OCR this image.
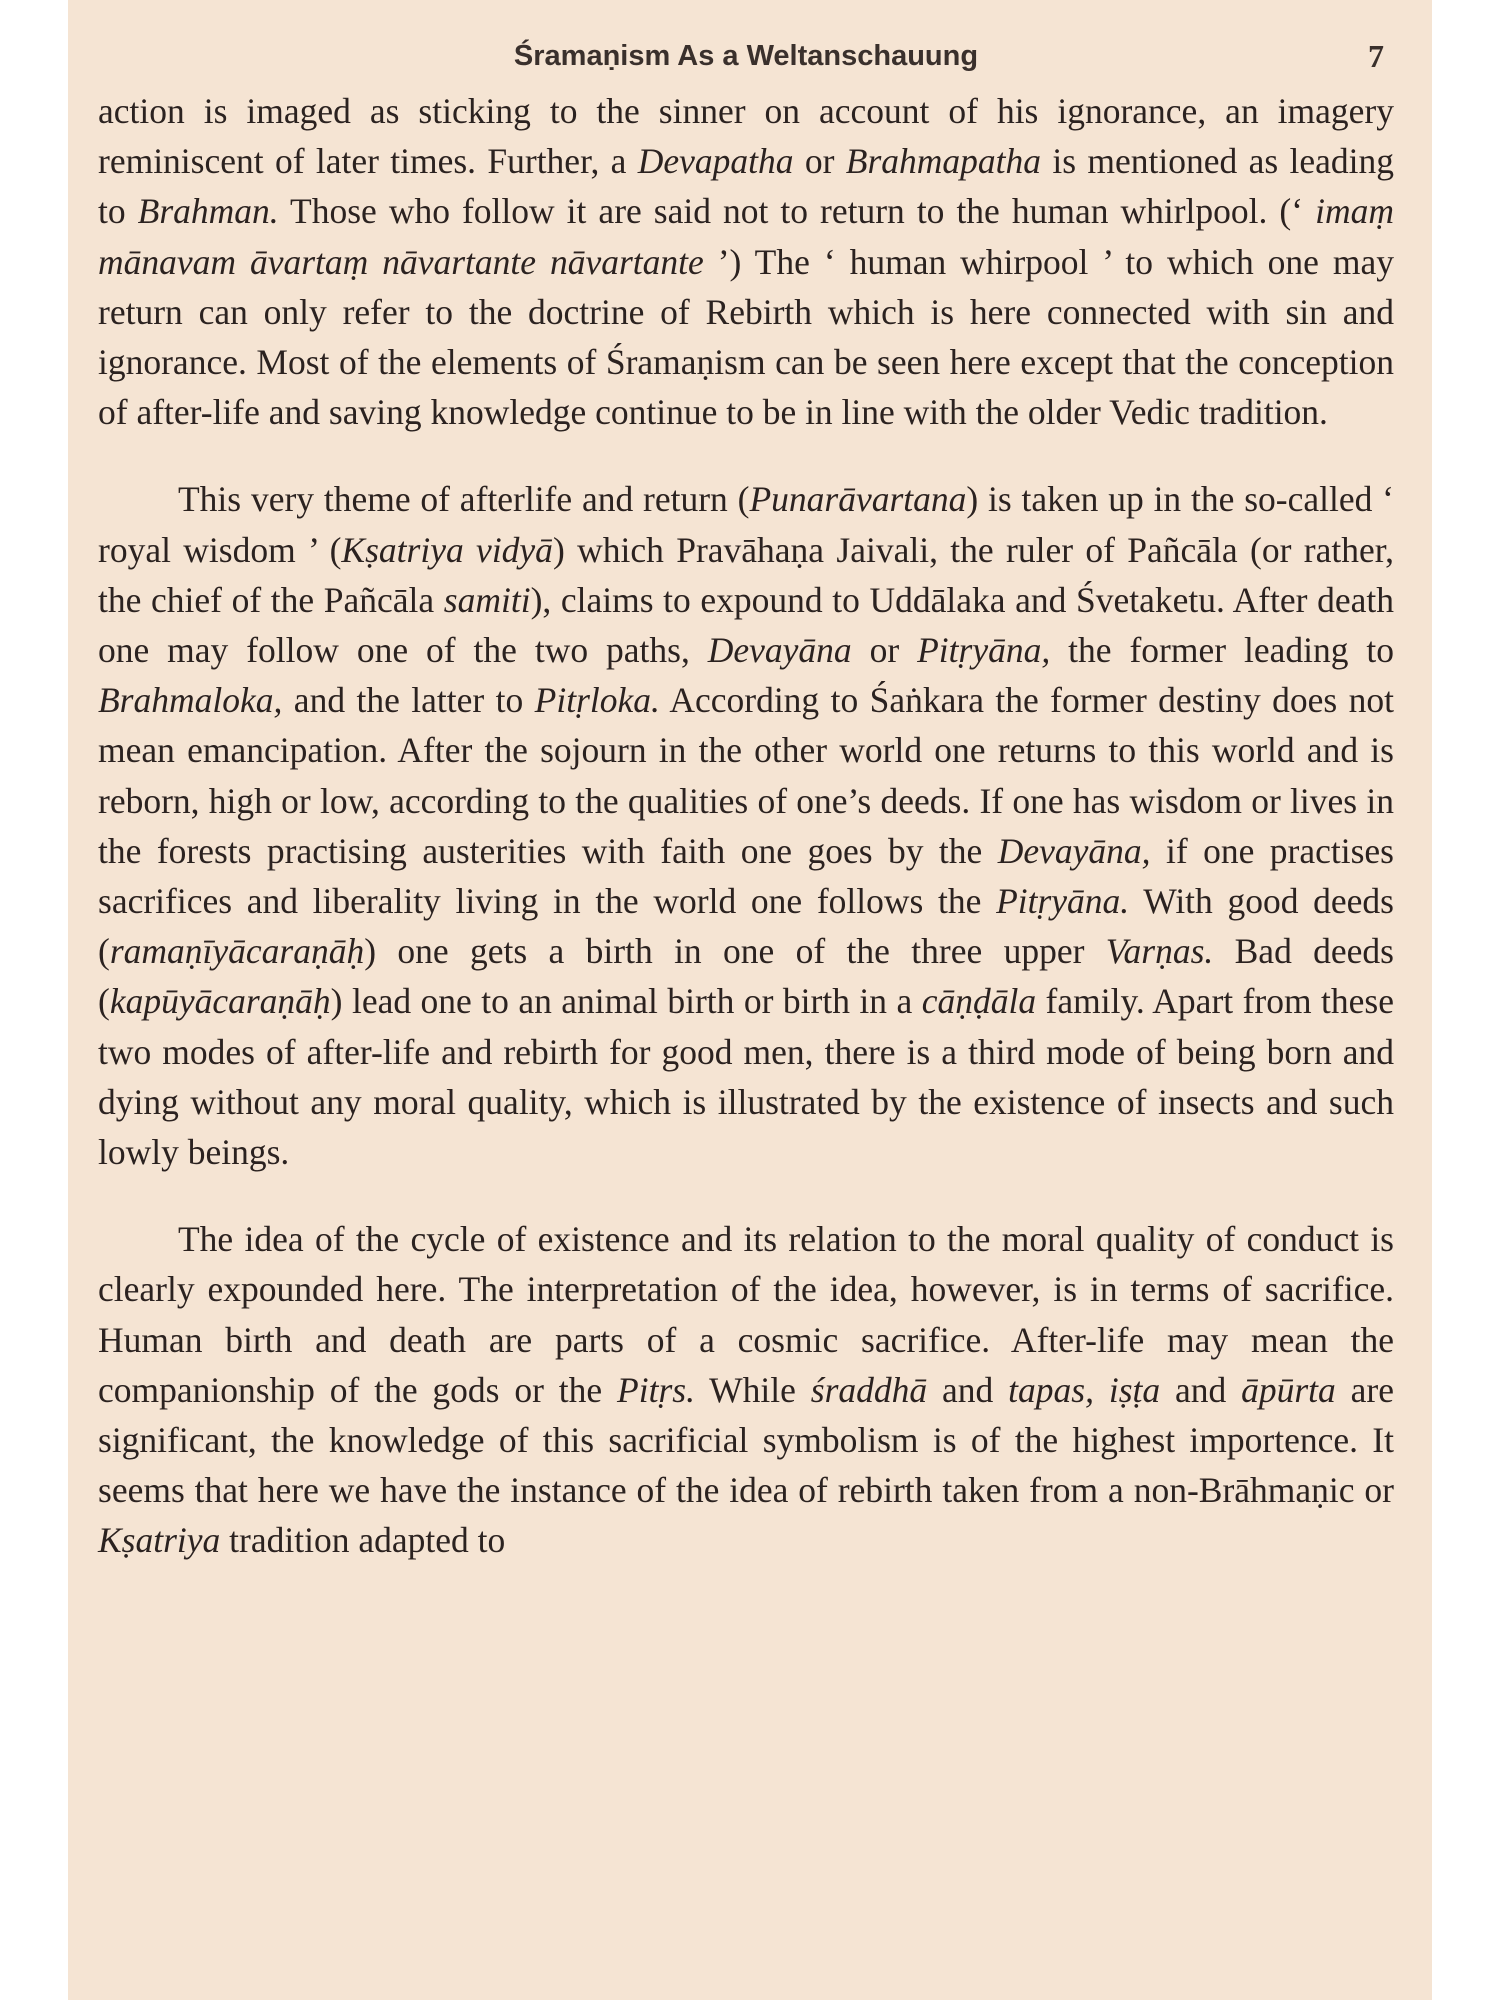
Śramaṇism As a Weltanschauung	7

action is imaged as sticking to the sinner on account of his ignorance, an imagery reminiscent of later times. Further, a Devapatha or Brahmapatha is mentioned as leading to Brahman. Those who follow it are said not to return to the human whirlpool. (‘ imaṃ mānavam āvartaṃ nāvartante nāvartante ’) The ‘ human whirpool ’ to which one may return can only refer to the doctrine of Rebirth which is here connected with sin and ignorance. Most of the elements of Śramaṇism can be seen here except that the conception of after-life and saving knowledge continue to be in line with the older Vedic tradition.

This very theme of afterlife and return (Punarāvartana) is taken up in the so-called ‘ royal wisdom ’ (Kṣatriya vidyā) which Pravāhaṇa Jaivali, the ruler of Pañcāla (or rather, the chief of the Pañcāla samiti), claims to expound to Uddālaka and Śvetaketu. After death one may follow one of the two paths, Devayāna or Pitṛyāna, the former leading to Brahmaloka, and the latter to Pitṛloka. According to Śaṅkara the former destiny does not mean emancipation. After the sojourn in the other world one returns to this world and is reborn, high or low, according to the qualities of one’s deeds. If one has wisdom or lives in the forests practising austerities with faith one goes by the Devayāna, if one practises sacrifices and liberality living in the world one follows the Pitṛyāna. With good deeds (ramaṇīyācaraṇāḥ) one gets a birth in one of the three upper Varṇas. Bad deeds (kapūyācaraṇāḥ) lead one to an animal birth or birth in a cāṇḍāla family. Apart from these two modes of after-life and rebirth for good men, there is a third mode of being born and dying without any moral quality, which is illustrated by the existence of insects and such lowly beings.

The idea of the cycle of existence and its relation to the moral quality of conduct is clearly expounded here. The interpretation of the idea, however, is in terms of sacrifice. Human birth and death are parts of a cosmic sacrifice. After-life may mean the companionship of the gods or the Pitṛs. While śraddhā and tapas, iṣṭa and āpūrta are significant, the knowledge of this sacrificial symbolism is of the highest importence. It seems that here we have the instance of the idea of rebirth taken from a non-Brāhmaṇic or Kṣatriya tradition adapted to
